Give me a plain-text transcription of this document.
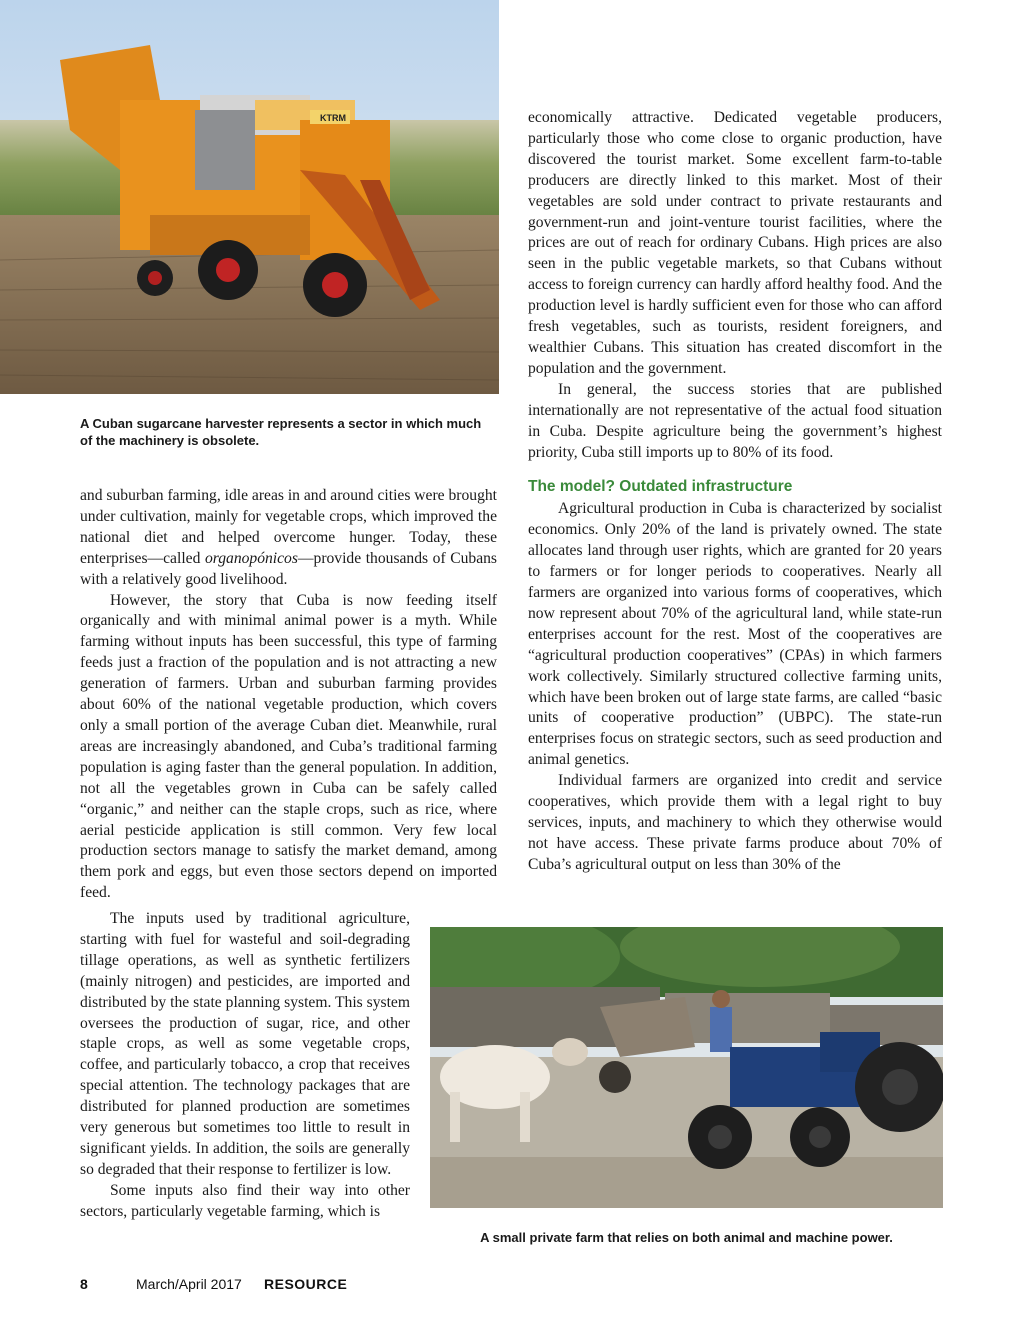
KTRM
A Cuban sugarcane harvester represents a sector in which much of the machinery is obsolete.

economically attractive. Dedicated vegetable producers, particularly those who come close to organic production, have discovered the tourist market. Some excellent farm-to-table producers are directly linked to this market. Most of their vegetables are sold under contract to private restaurants and government-run and joint-venture tourist facilities, where the prices are out of reach for ordinary Cubans. High prices are also seen in the public vegetable markets, so that Cubans without access to foreign currency can hardly afford healthy food. And the production level is hardly sufficient even for those who can afford fresh vegetables, such as tourists, resident foreigners, and wealthier Cubans. This situation has created discomfort in the population and the government.

In general, the success stories that are published internationally are not representative of the actual food situation in Cuba. Despite agriculture being the government’s highest priority, Cuba still imports up to 80% of its food.

The model? Outdated infrastructure

Agricultural production in Cuba is characterized by socialist economics. Only 20% of the land is privately owned. The state allocates land through user rights, which are granted for 20 years to farmers or for longer periods to cooperatives. Nearly all farmers are organized into various forms of cooperatives, which now represent about 70% of the agricultural land, while state-run enterprises account for the rest. Most of the cooperatives are “agricultural production cooperatives” (CPAs) in which farmers work collectively. Similarly structured collective farming units, which have been broken out of large state farms, are called “basic units of cooperative production” (UBPC). The state-run enterprises focus on strategic sectors, such as seed production and animal genetics.

Individual farmers are organized into credit and service cooperatives, which provide them with a legal right to buy services, inputs, and machinery to which they otherwise would not have access. These private farms produce about 70% of Cuba’s agricultural output on less than 30% of the

and suburban farming, idle areas in and around cities were brought under cultivation, mainly for vegetable crops, which improved the national diet and helped overcome hunger. Today, these enterprises—called organopónicos—provide thousands of Cubans with a relatively good livelihood.

However, the story that Cuba is now feeding itself organically and with minimal animal power is a myth. While farming without inputs has been successful, this type of farming feeds just a fraction of the population and is not attracting a new generation of farmers. Urban and suburban farming provides about 60% of the national vegetable production, which covers only a small portion of the average Cuban diet. Meanwhile, rural areas are increasingly abandoned, and Cuba’s traditional farming population is aging faster than the general population. In addition, not all the vegetables grown in Cuba can be safely called “organic,” and neither can the staple crops, such as rice, where aerial pesticide application is still common. Very few local production sectors manage to satisfy the market demand, among them pork and eggs, but even those sectors depend on imported feed.

The inputs used by traditional agriculture, starting with fuel for wasteful and soil-degrading tillage operations, as well as synthetic fertilizers (mainly nitrogen) and pesticides, are imported and distributed by the state planning system. This system oversees the production of sugar, rice, and other staple crops, as well as some vegetable crops, coffee, and particularly tobacco, a crop that receives special attention. The technology packages that are distributed for planned production are sometimes very generous but sometimes too little to result in significant yields. In addition, the soils are generally so degraded that their response to fertilizer is low.

Some inputs also find their way into other sectors, particularly vegetable farming, which is

A small private farm that relies on both animal and machine power.
8	March/April 2017	RESOURCE
